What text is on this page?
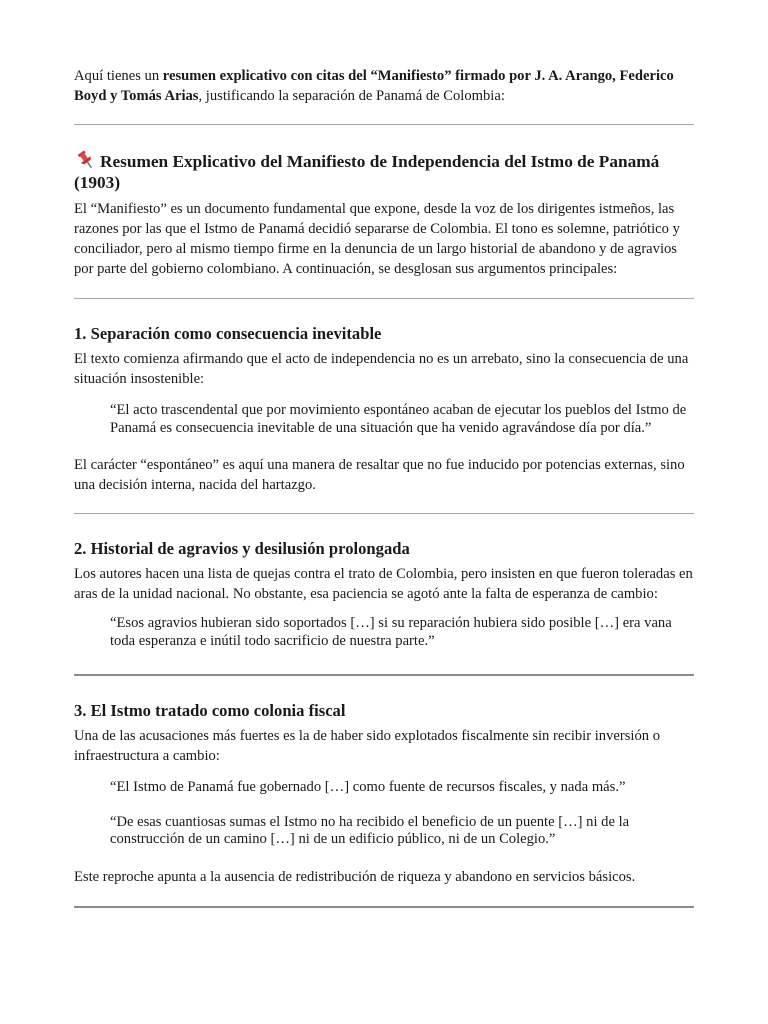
Aquí tienes un resumen explicativo con citas del “Manifiesto” firmado por J. A. Arango, Federico Boyd y Tomás Arias, justificando la separación de Panamá de Colombia:

Resumen Explicativo del Manifiesto de Independencia del Istmo de Panamá (1903)

El “Manifiesto” es un documento fundamental que expone, desde la voz de los dirigentes istmeños, las razones por las que el Istmo de Panamá decidió separarse de Colombia. El tono es solemne, patriótico y conciliador, pero al mismo tiempo firme en la denuncia de un largo historial de abandono y de agravios por parte del gobierno colombiano. A continuación, se desglosan sus argumentos principales:

1. Separación como consecuencia inevitable

El texto comienza afirmando que el acto de independencia no es un arrebato, sino la consecuencia de una situación insostenible:

“El acto trascendental que por movimiento espontáneo acaban de ejecutar los pueblos del Istmo de Panamá es consecuencia inevitable de una situación que ha venido agravándose día por día.”

El carácter “espontáneo” es aquí una manera de resaltar que no fue inducido por potencias externas, sino una decisión interna, nacida del hartazgo.

2. Historial de agravios y desilusión prolongada

Los autores hacen una lista de quejas contra el trato de Colombia, pero insisten en que fueron toleradas en aras de la unidad nacional. No obstante, esa paciencia se agotó ante la falta de esperanza de cambio:

“Esos agravios hubieran sido soportados […] si su reparación hubiera sido posible […] era vana toda esperanza e inútil todo sacrificio de nuestra parte.”
3. El Istmo tratado como colonia fiscal

Una de las acusaciones más fuertes es la de haber sido explotados fiscalmente sin recibir inversión o infraestructura a cambio:

“El Istmo de Panamá fue gobernado […] como fuente de recursos fiscales, y nada más.”
“De esas cuantiosas sumas el Istmo no ha recibido el beneficio de un puente […] ni de la construcción de un camino […] ni de un edificio público, ni de un Colegio.”

Este reproche apunta a la ausencia de redistribución de riqueza y abandono en servicios básicos.
